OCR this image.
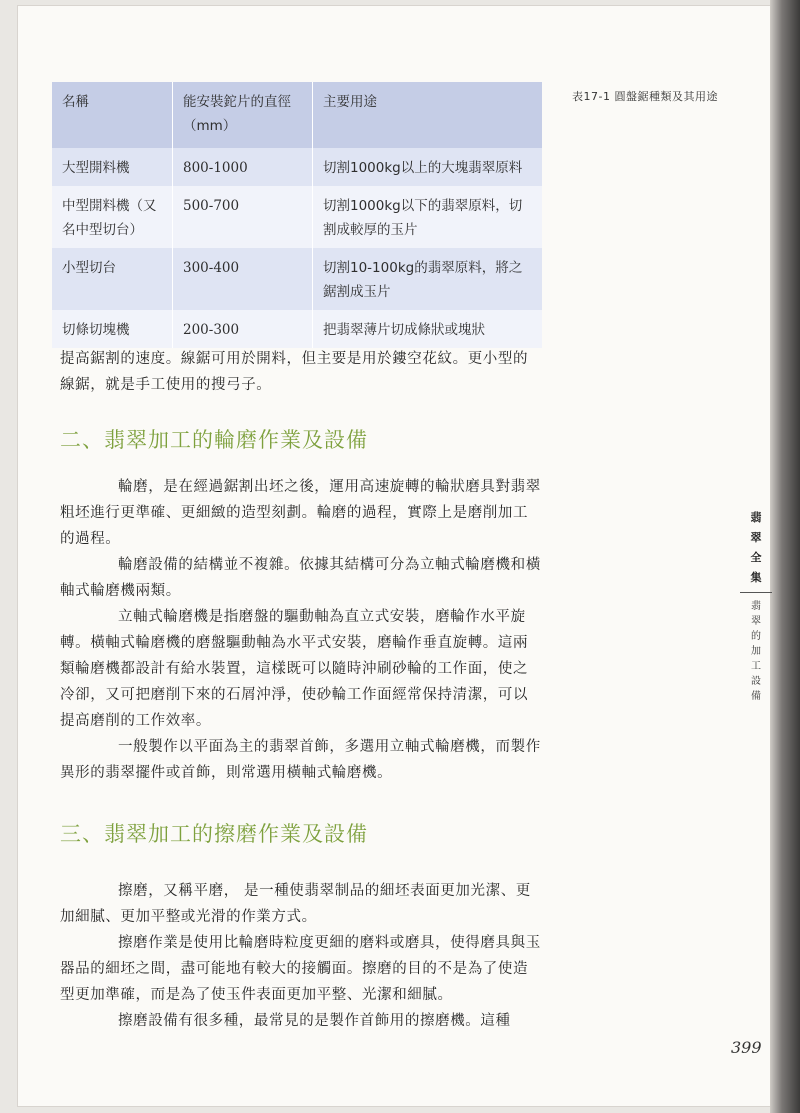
表17-1 圓盤鋸種類及其用途
名稱	能安裝鉈片的直徑（mm）	主要用途
大型開料機	800-1000	切割1000kg以上的大塊翡翠原料
中型開料機（又名中型切台）	500-700	切割1000kg以下的翡翠原料，切割成較厚的玉片
小型切台	300-400	切割10-100kg的翡翠原料，將之鋸割成玉片
切條切塊機	200-300	把翡翠薄片切成條狀或塊狀

提高鋸割的速度。線鋸可用於開料，但主要是用於鏤空花紋。更小型的線鋸，就是手工使用的搜弓子。

二、翡翠加工的輪磨作業及設備

輪磨，是在經過鋸割出坯之後，運用高速旋轉的輪狀磨具對翡翠粗坯進行更準確、更細緻的造型刻劃。輪磨的過程，實際上是磨削加工的過程。

輪磨設備的結構並不複雜。依據其結構可分為立軸式輪磨機和橫軸式輪磨機兩類。

立軸式輪磨機是指磨盤的驅動軸為直立式安裝，磨輪作水平旋轉。橫軸式輪磨機的磨盤驅動軸為水平式安裝，磨輪作垂直旋轉。這兩類輪磨機都設計有給水裝置，這樣既可以隨時沖刷砂輪的工作面，使之冷卻，又可把磨削下來的石屑沖淨，使砂輪工作面經常保持清潔，可以提高磨削的工作效率。

一般製作以平面為主的翡翠首飾，多選用立軸式輪磨機，而製作異形的翡翠擺件或首飾，則常選用橫軸式輪磨機。

三、翡翠加工的擦磨作業及設備

擦磨，又稱平磨， 是一種使翡翠制品的細坯表面更加光潔、更加細膩、更加平整或光滑的作業方式。

擦磨作業是使用比輪磨時粒度更細的磨料或磨具，使得磨具與玉器品的細坯之間，盡可能地有較大的接觸面。擦磨的目的不是為了使造型更加準確，而是為了使玉件表面更加平整、光潔和細膩。

擦磨設備有很多種，最常見的是製作首飾用的擦磨機。這種

翡翠全集
翡翠的加工設備
399
